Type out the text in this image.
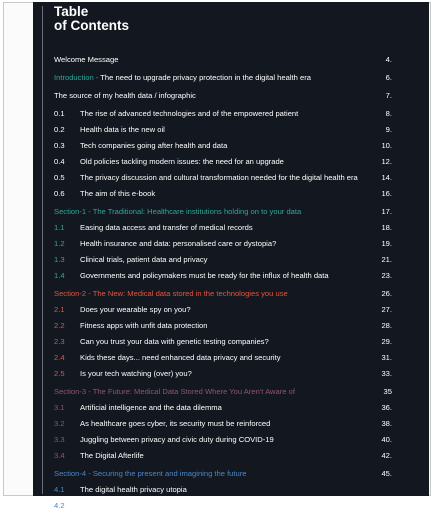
Table
of Contents
Welcome Message	4.
Introduction - The need to upgrade privacy protection in the digital health era	6.
The source of my health data / infographic	7.
0.1 The rise of advanced technologies and of the empowered patient	8.
0.2 Health data is the new oil	9.
0.3 Tech companies going after health and data	10.
0.4 Old policies tackling modern issues: the need for an upgrade	12.
0.5 The privacy discussion and cultural transformation needed for the digital health era	14.
0.6 The aim of this e-book	16.
Section-1 - The Traditional: Healthcare institutions holding on to your data	17.
1.1 Easing data access and transfer of medical records	18.
1.2 Health insurance and data: personalised care or dystopia?	19.
1.3 Clinical trials, patient data and privacy	21.
1.4 Governments and policymakers must be ready for the influx of health data	23.
Section-2 - The New: Medical data stored in the technologies you use	26.
2.1 Does your wearable spy on you?	27.
2.2 Fitness apps with unfit data protection	28.
2.3 Can you trust your data with genetic testing companies?	29.
2.4 Kids these days... need enhanced data privacy and security	31.
2.5 Is your tech watching (over) you?	33.
Section-3 - The Future: Medical Data Stored Where You Aren't Aware of	35
3.1 Artificial intelligence and the data dilemma	36.
3.2 As healthcare goes cyber, its security must be reinforced	38.
3.3 Juggling between privacy and civic duty during COVID-19	40.
3.4 The Digital Afterlife	42.
Section-4 - Securing the present and imagining the future	45.
4.1 The digital health privacy utopia
4.2 The Conclusion	46.
Questions & Answers	47.
